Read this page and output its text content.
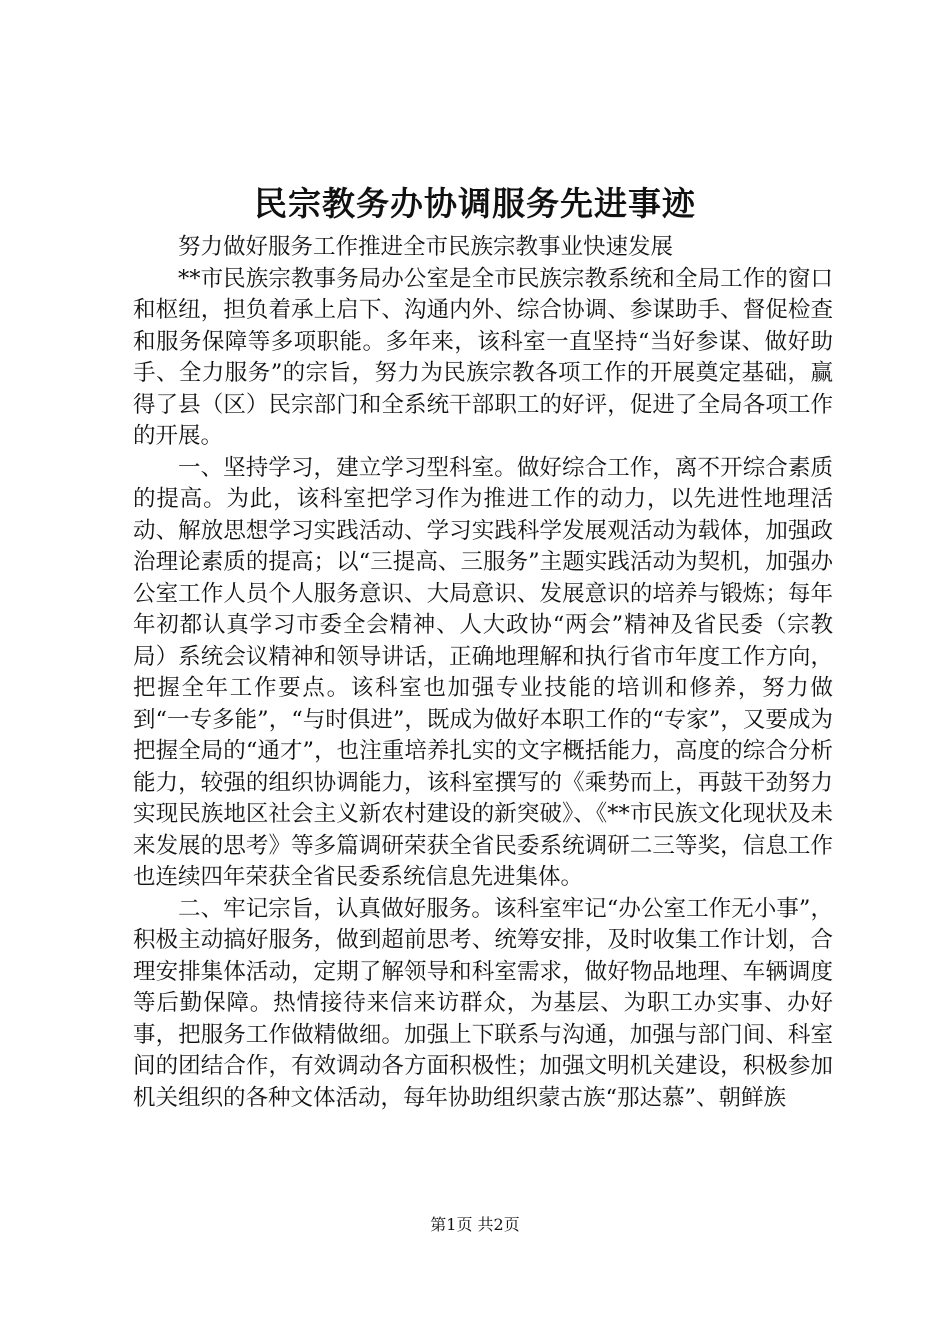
民宗教务办协调服务先进事迹

努力做好服务工作推进全市民族宗教事业快速发展

**市民族宗教事务局办公室是全市民族宗教系统和全局工作的窗口和枢纽，担负着承上启下、沟通内外、综合协调、参谋助手、督促检查和服务保障等多项职能。多年来，该科室一直坚持“当好参谋、做好助手、全力服务”的宗旨，努力为民族宗教各项工作的开展奠定基础，赢得了县（区）民宗部门和全系统干部职工的好评，促进了全局各项工作的开展。

一、坚持学习，建立学习型科室。做好综合工作，离不开综合素质的提高。为此，该科室把学习作为推进工作的动力，以先进性地理活动、解放思想学习实践活动、学习实践科学发展观活动为载体，加强政治理论素质的提高；以“三提高、三服务”主题实践活动为契机，加强办公室工作人员个人服务意识、大局意识、发展意识的培养与锻炼；每年年初都认真学习市委全会精神、人大政协“两会”精神及省民委（宗教局）系统会议精神和领导讲话，正确地理解和执行省市年度工作方向，把握全年工作要点。该科室也加强专业技能的培训和修养，努力做到“一专多能”，“与时俱进”，既成为做好本职工作的“专家”，又要成为把握全局的“通才”，也注重培养扎实的文字概括能力，高度的综合分析能力，较强的组织协调能力，该科室撰写的《乘势而上，再鼓干劲努力实现民族地区社会主义新农村建设的新突破》、《**市民族文化现状及未来发展的思考》等多篇调研荣获全省民委系统调研二三等奖，信息工作也连续四年荣获全省民委系统信息先进集体。

二、牢记宗旨，认真做好服务。该科室牢记“办公室工作无小事”，积极主动搞好服务，做到超前思考、统筹安排，及时收集工作计划，合理安排集体活动，定期了解领导和科室需求，做好物品地理、车辆调度等后勤保障。热情接待来信来访群众，为基层、为职工办实事、办好事，把服务工作做精做细。加强上下联系与沟通，加强与部门间、科室间的团结合作，有效调动各方面积极性；加强文明机关建设，积极参加机关组织的各种文体活动，每年协助组织蒙古族“那达慕”、朝鲜族

第1页 共2页
